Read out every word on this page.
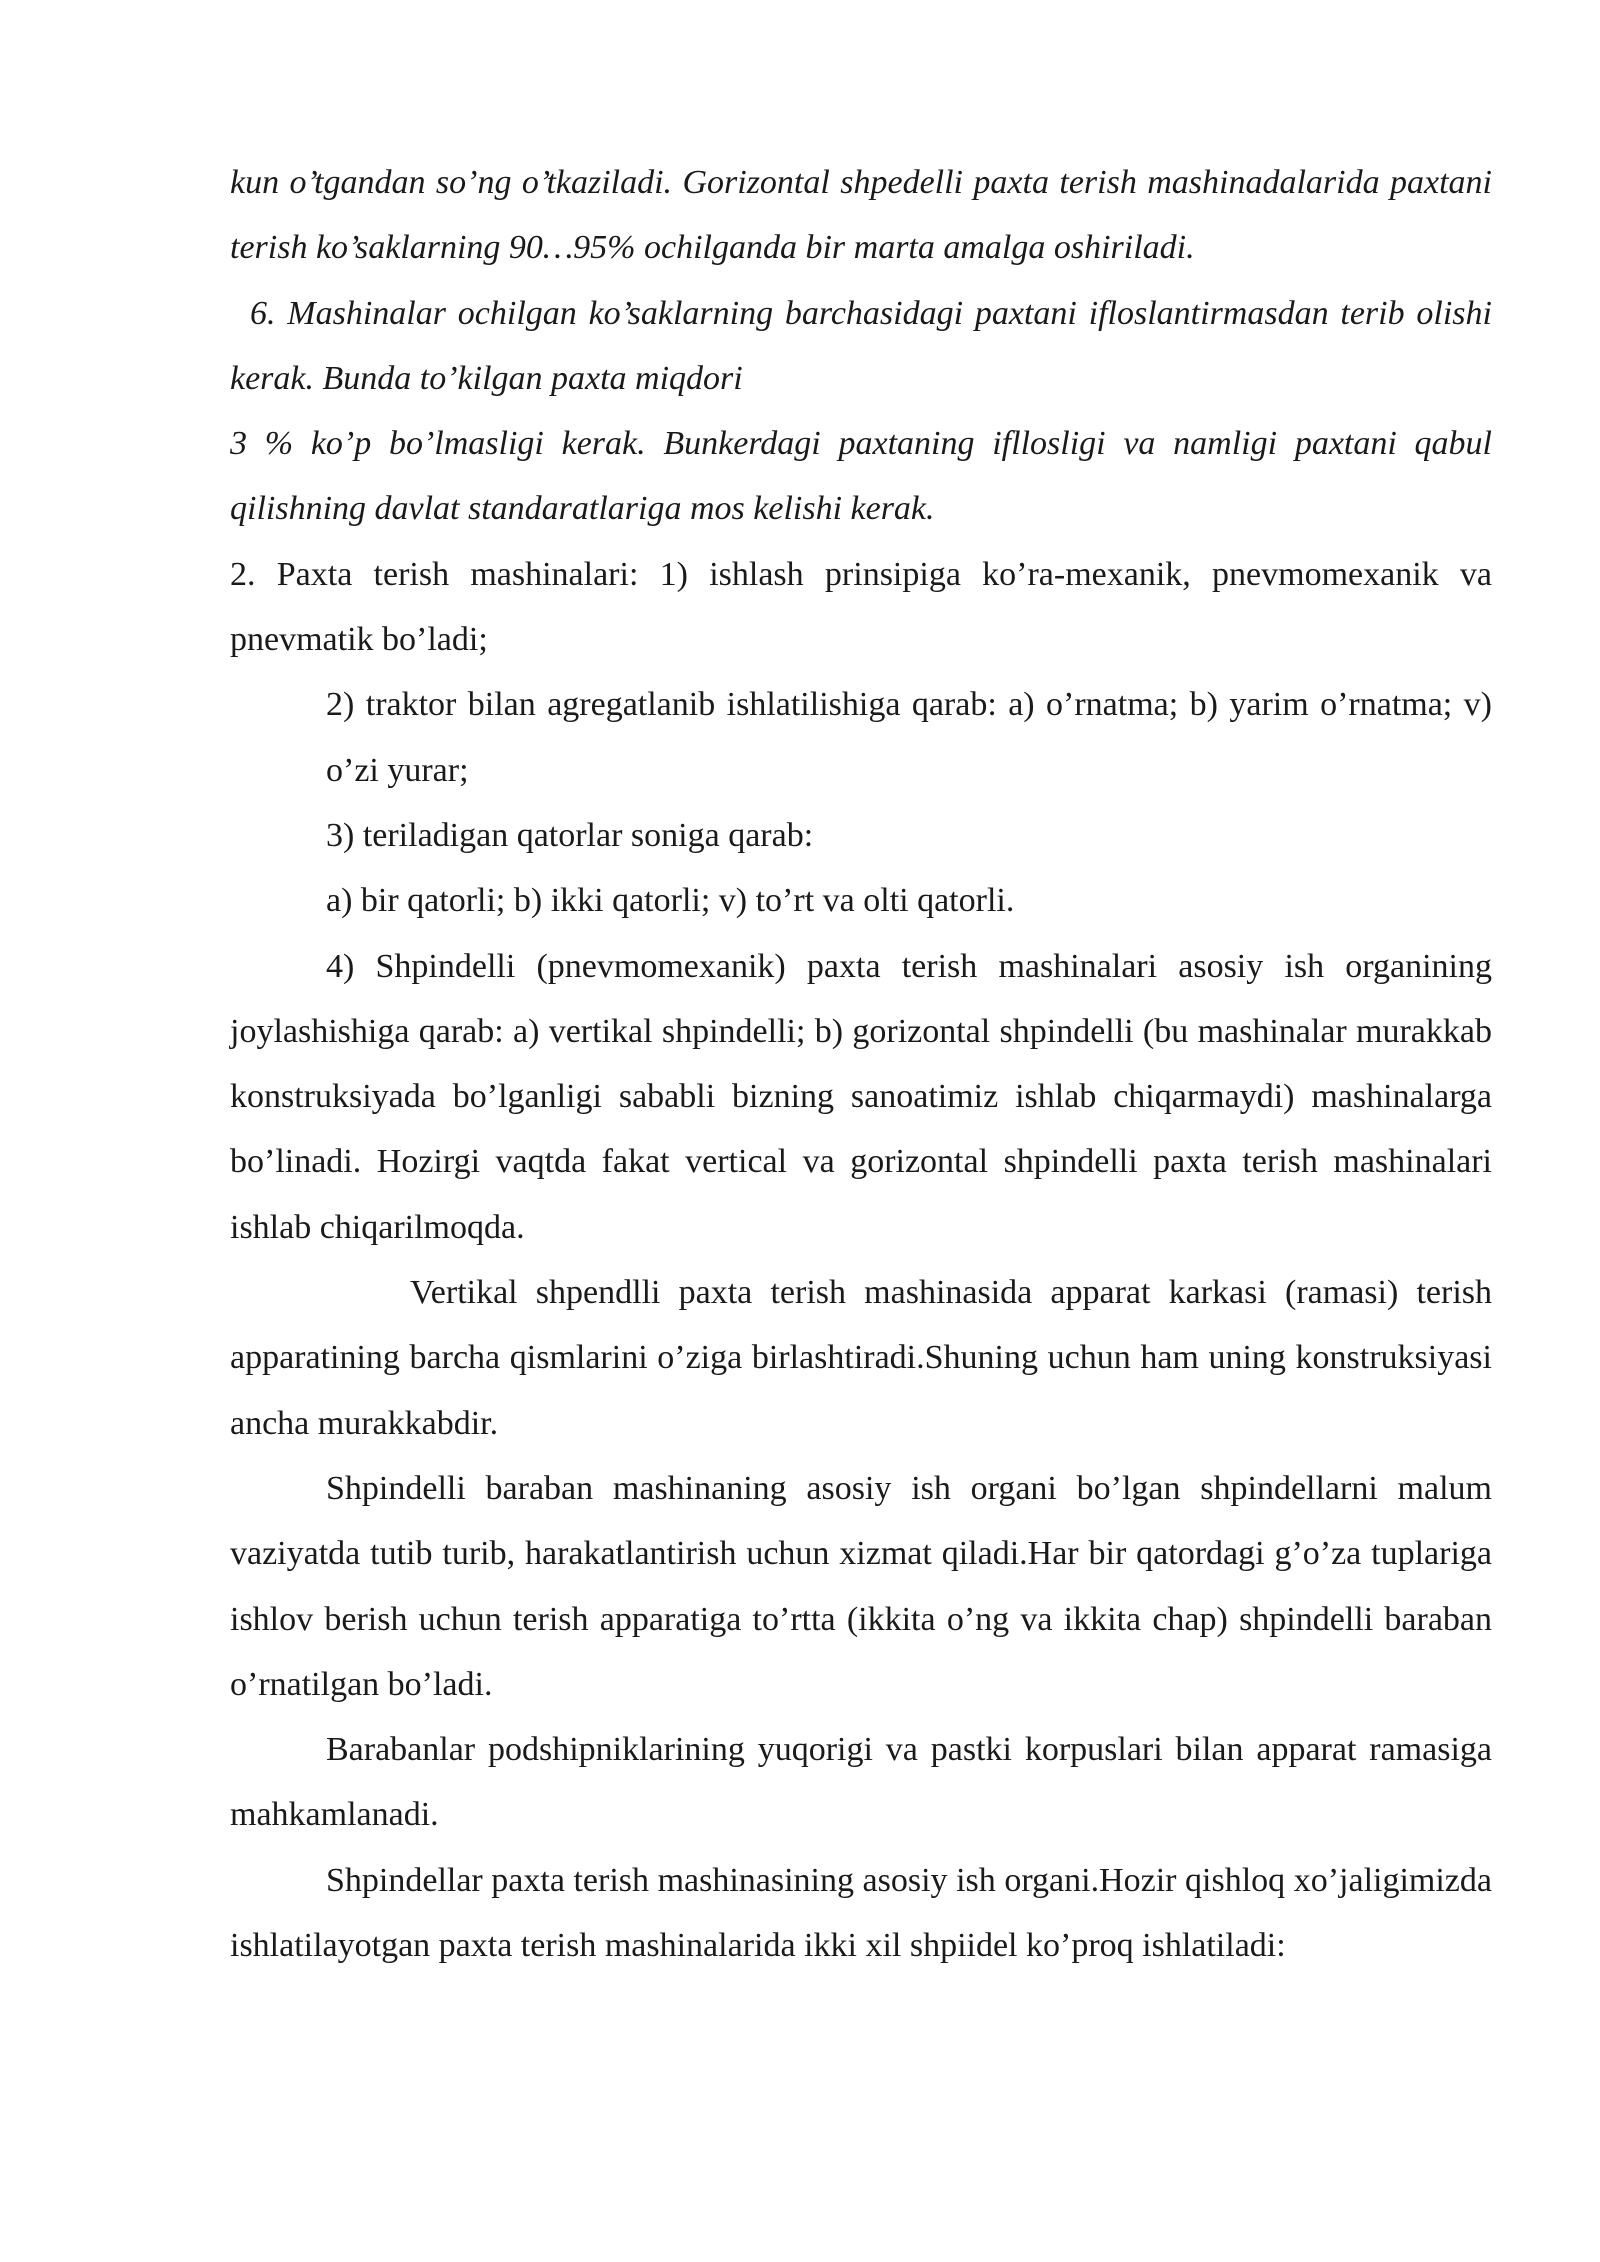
kun o’tgandan so’ng o’tkaziladi. Gorizontal shpedelli paxta terish mashinadalarida paxtani terish ko’saklarning 90…95% ochilganda bir marta amalga oshiriladi.

6. Mashinalar ochilgan ko’saklarning barchasidagi paxtani ifloslantirmasdan terib olishi kerak. Bunda to’kilgan paxta miqdori

3 % ko’p bo’lmasligi kerak. Bunkerdagi paxtaning ifllosligi va namligi paxtani qabul qilishning davlat standaratlariga mos kelishi kerak.

2. Paxta terish mashinalari: 1) ishlash prinsipiga ko’ra-mexanik, pnevmomexanik va pnevmatik bo’ladi;

2) traktor bilan agregatlanib ishlatilishiga qarab: a) o’rnatma; b) yarim o’rnatma; v) o’zi yurar;

3) teriladigan qatorlar soniga qarab:

a) bir qatorli; b) ikki qatorli; v) to’rt va olti qatorli.

4) Shpindelli (pnevmomexanik) paxta terish mashinalari asosiy ish organining joylashishiga qarab: a) vertikal shpindelli; b) gorizontal shpindelli (bu mashinalar murakkab konstruksiyada bo’lganligi sababli bizning sanoatimiz ishlab chiqarmaydi) mashinalarga bo’linadi. Hozirgi vaqtda fakat vertical va gorizontal shpindelli paxta terish mashinalari ishlab chiqarilmoqda.

Vertikal shpendlli paxta terish mashinasida apparat karkasi (ramasi) terish apparatining barcha qismlarini o’ziga birlashtiradi.Shuning uchun ham uning konstruksiyasi ancha murakkabdir.

Shpindelli baraban mashinaning asosiy ish organi bo’lgan shpindellarni malum vaziyatda tutib turib, harakatlantirish uchun xizmat qiladi.Har bir qatordagi g’o’za tuplariga ishlov berish uchun terish apparatiga to’rtta (ikkita o’ng va ikkita chap) shpindelli baraban o’rnatilgan bo’ladi.

Barabanlar podshipniklarining yuqorigi va pastki korpuslari bilan apparat ramasiga mahkamlanadi.

Shpindellar paxta terish mashinasining asosiy ish organi.Hozir qishloq xo’jaligimizda ishlatilayotgan paxta terish mashinalarida ikki xil shpiidel ko’proq ishlatiladi:
